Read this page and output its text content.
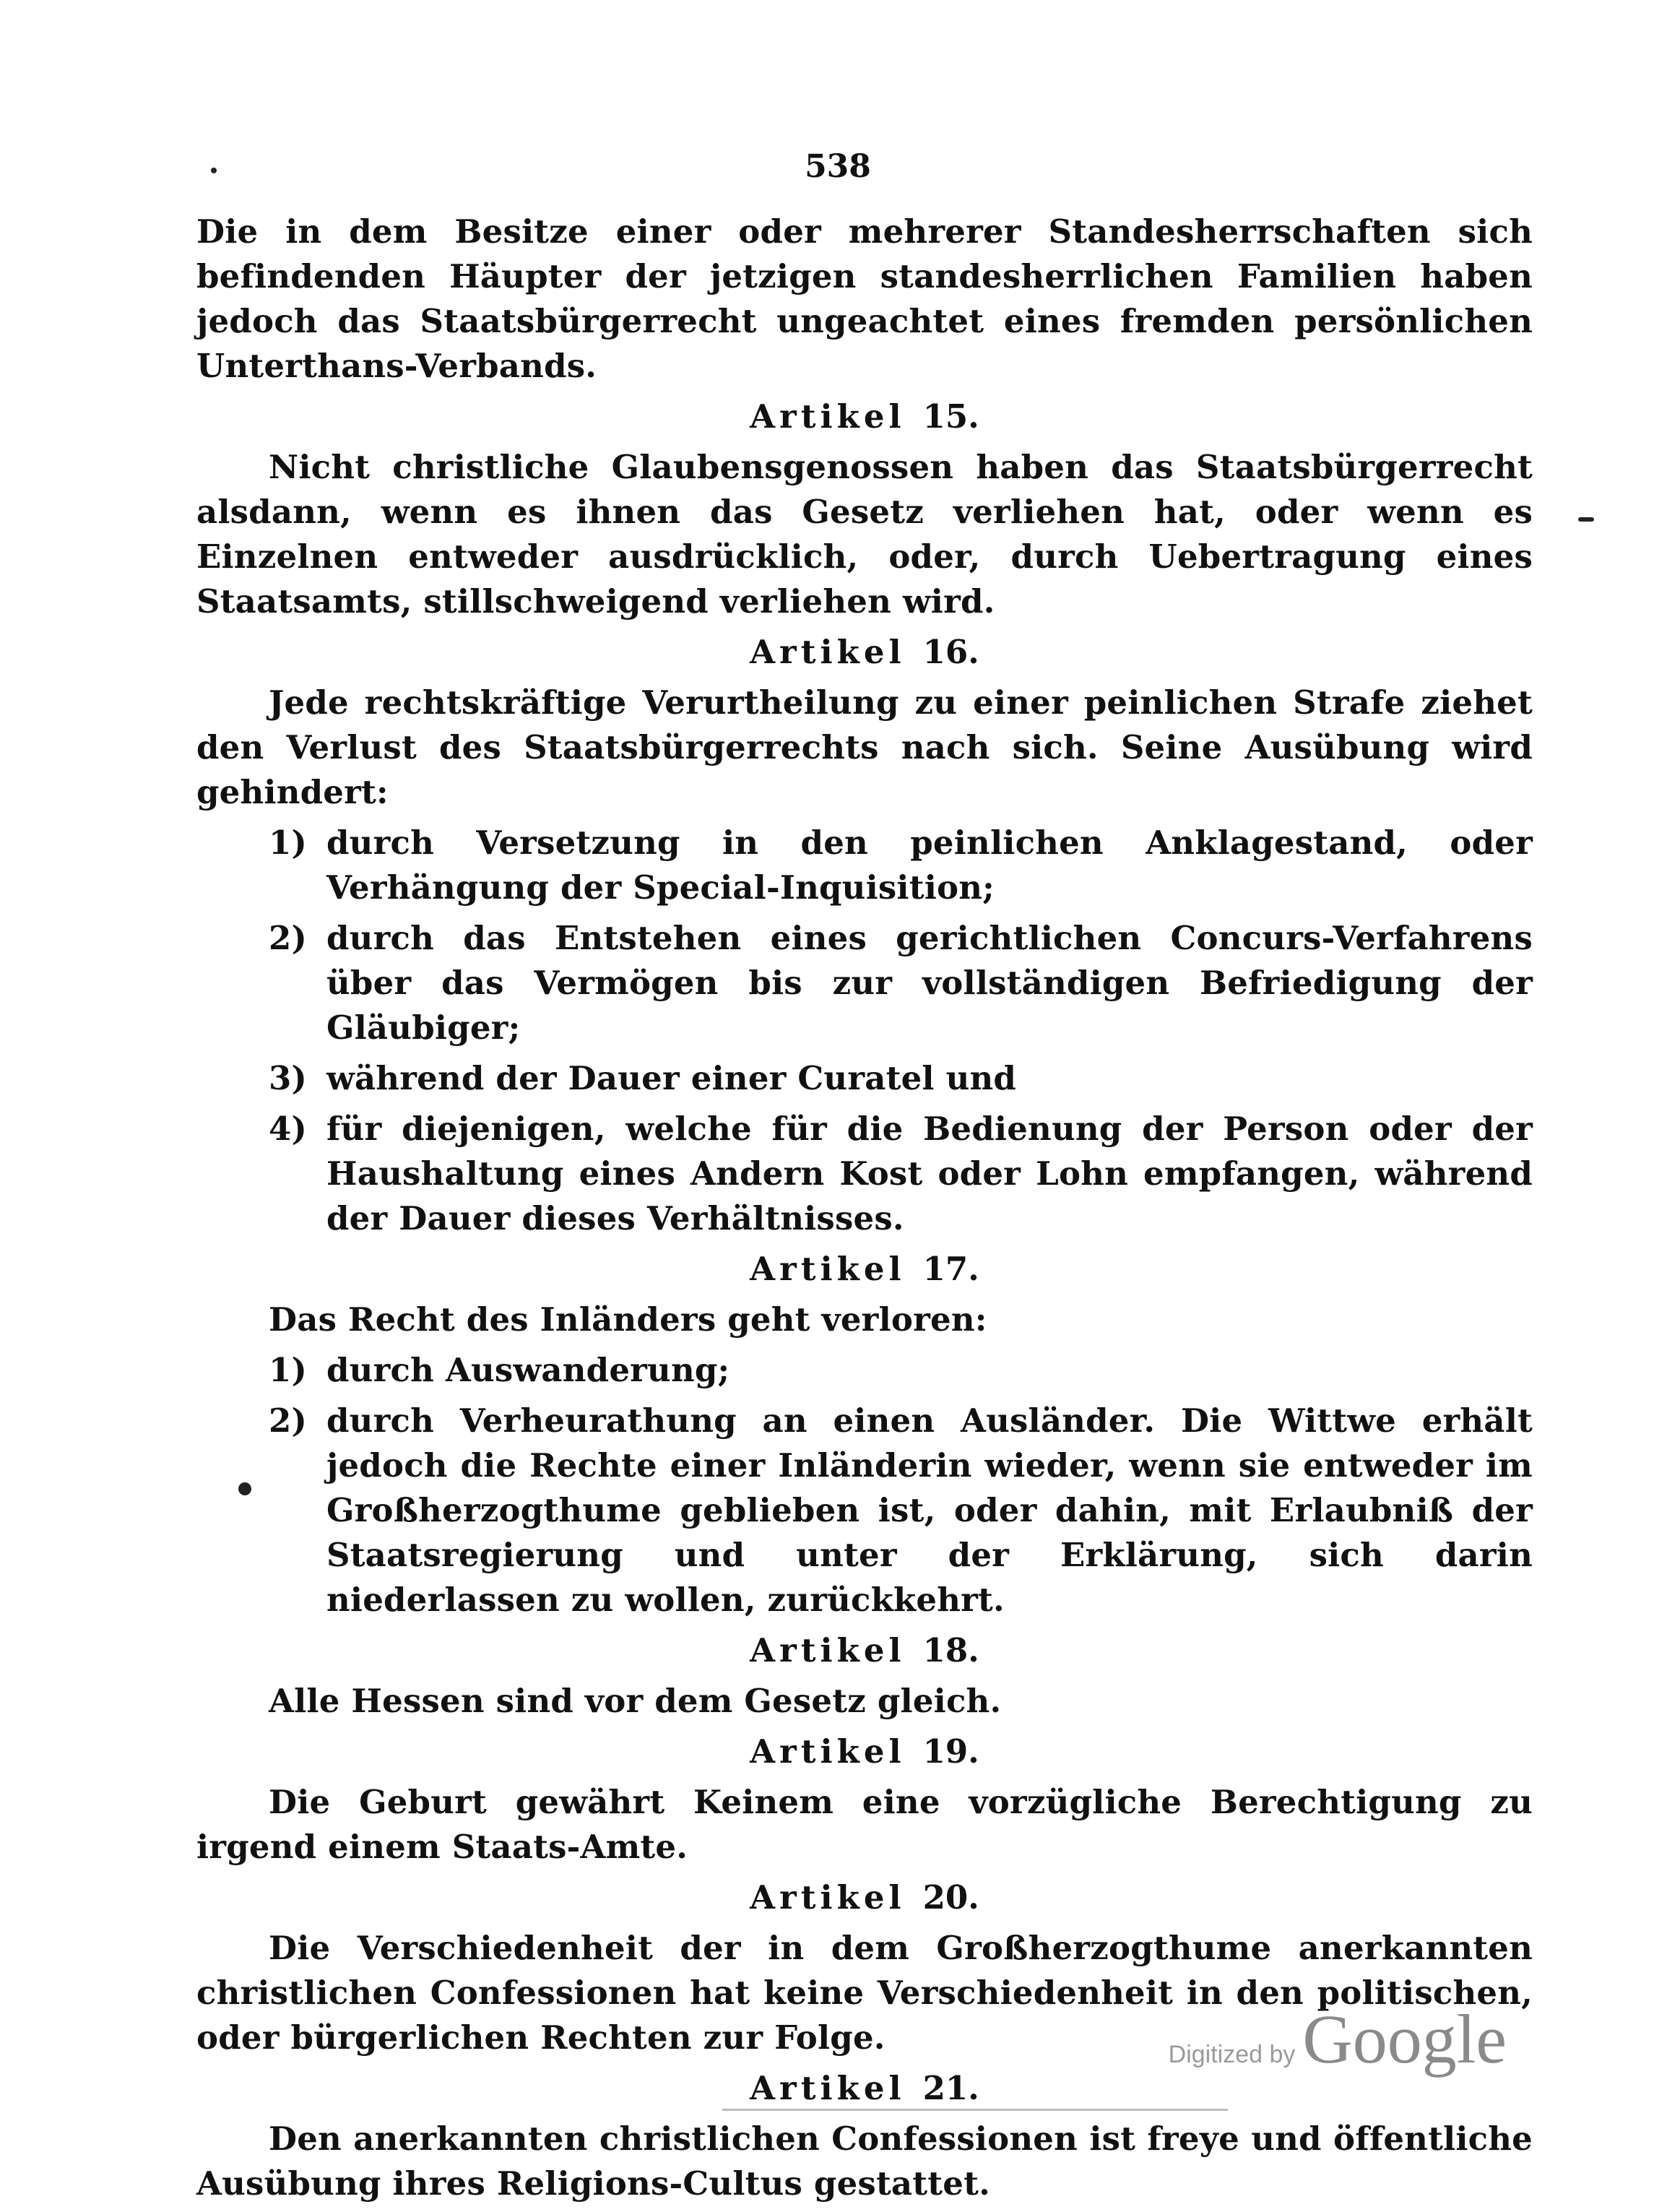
538

Die in dem Besitze einer oder mehrerer Standesherrschaften sich befindenden Häupter der jetzigen standesherrlichen Familien haben jedoch das Staatsbürgerrecht ungeachtet eines fremden persönlichen Unterthans-Verbands.

Artikel 15.

Nicht christliche Glaubensgenossen haben das Staatsbürgerrecht alsdann, wenn es ihnen das Gesetz verliehen hat, oder wenn es Einzelnen entweder ausdrücklich, oder, durch Uebertragung eines Staatsamts, stillschweigend verliehen wird.

Artikel 16.

Jede rechtskräftige Verurtheilung zu einer peinlichen Strafe ziehet den Verlust des Staatsbürgerrechts nach sich. Seine Ausübung wird gehindert:

1) durch Versetzung in den peinlichen Anklagestand, oder Verhängung der Special-Inquisition;
2) durch das Entstehen eines gerichtlichen Concurs-Verfahrens über das Vermögen bis zur vollständigen Befriedigung der Gläubiger;
3) während der Dauer einer Curatel und
4) für diejenigen, welche für die Bedienung der Person oder der Haushaltung eines Andern Kost oder Lohn empfangen, während der Dauer dieses Verhältnisses.
Artikel 17.

Das Recht des Inländers geht verloren:

1) durch Auswanderung;
2) durch Verheurathung an einen Ausländer. Die Wittwe erhält jedoch die Rechte einer Inländerin wieder, wenn sie entweder im Großherzogthume geblieben ist, oder dahin, mit Erlaubniß der Staatsregierung und unter der Erklärung, sich darin niederlassen zu wollen, zurückkehrt.
Artikel 18.

Alle Hessen sind vor dem Gesetz gleich.

Artikel 19.

Die Geburt gewährt Keinem eine vorzügliche Berechtigung zu irgend einem Staats-Amte.

Artikel 20.

Die Verschiedenheit der in dem Großherzogthume anerkannten christlichen Confessionen hat keine Verschiedenheit in den politischen, oder bürgerlichen Rechten zur Folge.

Artikel 21.

Den anerkannten christlichen Confessionen ist freye und öffentliche Ausübung ihres Religions-Cultus gestattet.

Digitized by Google
